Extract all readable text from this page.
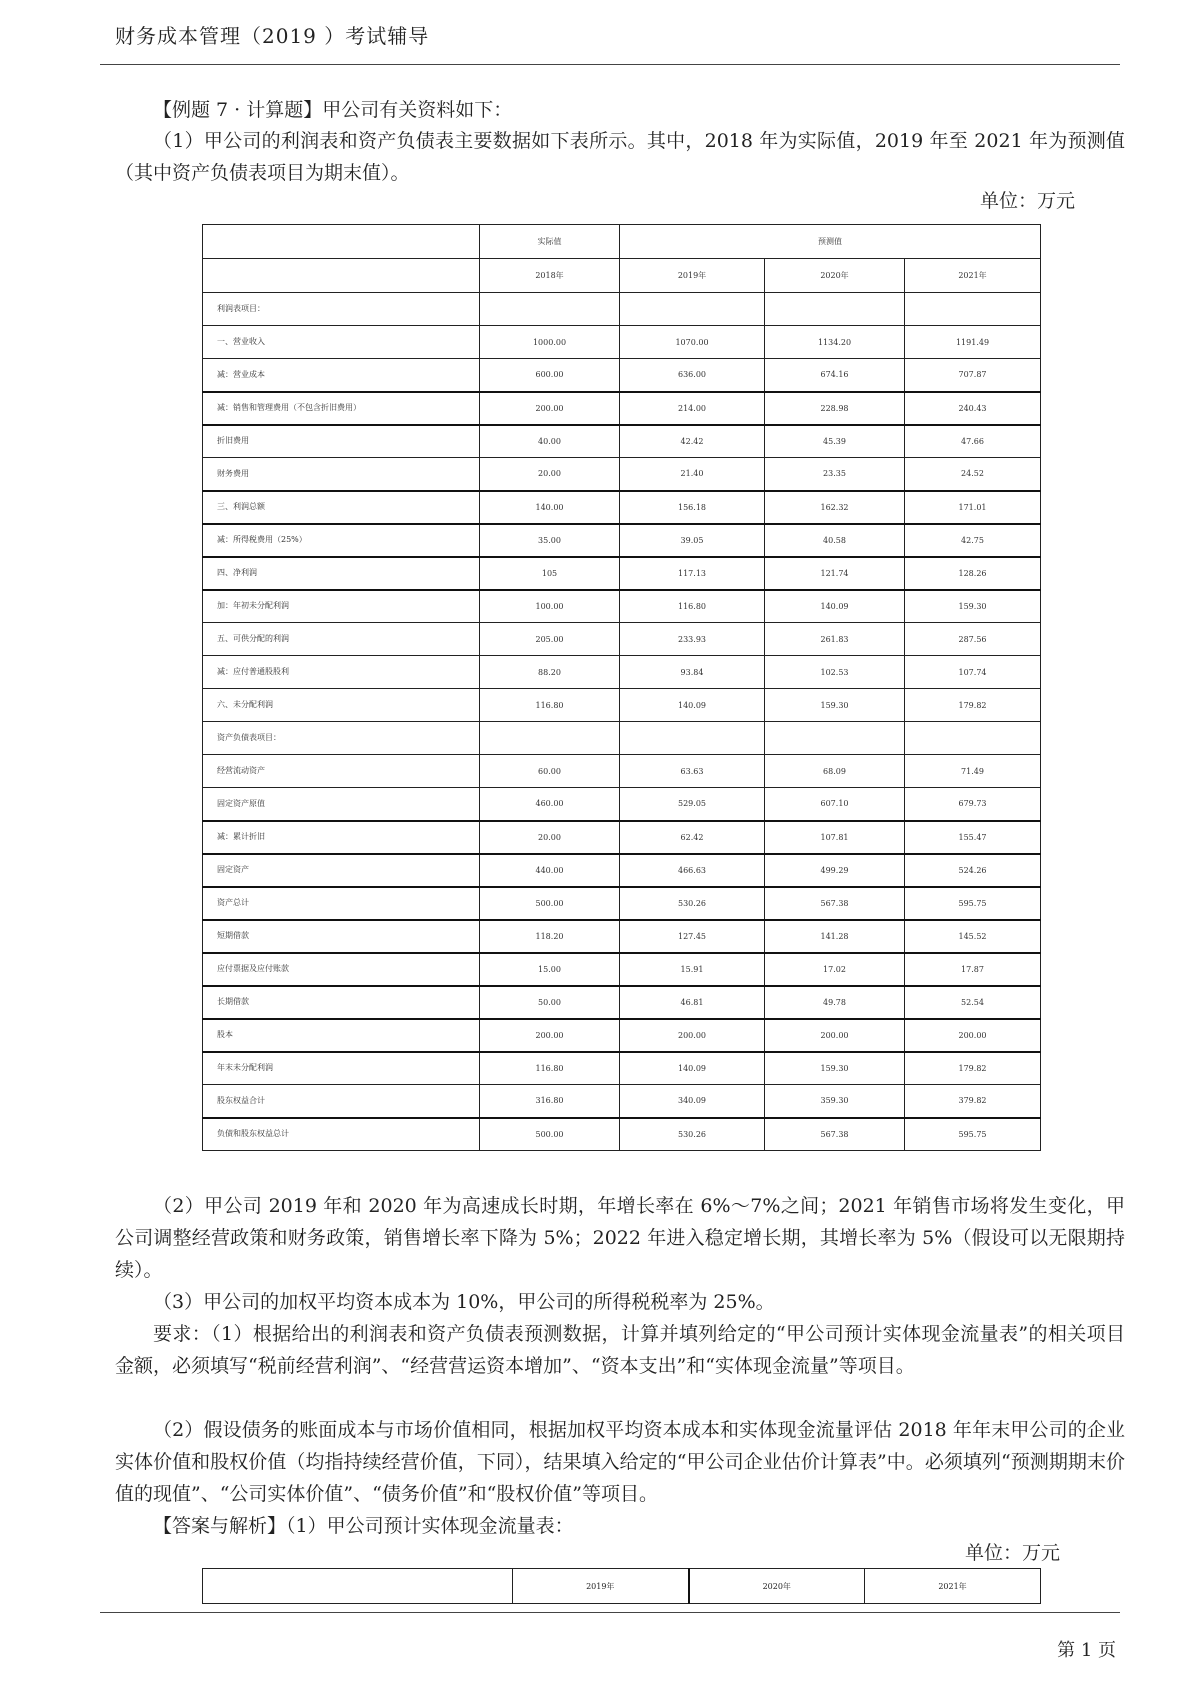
财务成本管理（2019 ）考试辅导
【例题 7 · 计算题】甲公司有关资料如下：
（1）甲公司的利润表和资产负债表主要数据如下表所示。其中，2018 年为实际值，2019 年至 2021 年为预测值（其中资产负债表项目为期末值）。
单位：万元
	实际值	预测值		
	2018年	2019年	2020年	2021年
利润表项目：				
一、营业收入	1000.00	1070.00	1134.20	1191.49
减：营业成本	600.00	636.00	674.16	707.87
减：销售和管理费用（不包含折旧费用）	200.00	214.00	228.98	240.43
折旧费用	40.00	42.42	45.39	47.66
财务费用	20.00	21.40	23.35	24.52
三、利润总额	140.00	156.18	162.32	171.01
减：所得税费用（25%）	35.00	39.05	40.58	42.75
四、净利润	105	117.13	121.74	128.26
加：年初未分配利润	100.00	116.80	140.09	159.30
五、可供分配的利润	205.00	233.93	261.83	287.56
减：应付普通股股利	88.20	93.84	102.53	107.74
六、未分配利润	116.80	140.09	159.30	179.82
资产负债表项目：				
经营流动资产	60.00	63.63	68.09	71.49
固定资产原值	460.00	529.05	607.10	679.73
减：累计折旧	20.00	62.42	107.81	155.47
固定资产	440.00	466.63	499.29	524.26
资产总计	500.00	530.26	567.38	595.75
短期借款	118.20	127.45	141.28	145.52
应付票据及应付账款	15.00	15.91	17.02	17.87
长期借款	50.00	46.81	49.78	52.54
股本	200.00	200.00	200.00	200.00
年末未分配利润	116.80	140.09	159.30	179.82
股东权益合计	316.80	340.09	359.30	379.82
负债和股东权益总计	500.00	530.26	567.38	595.75
（2）甲公司 2019 年和 2020 年为高速成长时期，年增长率在 6%～7%之间；2021 年销售市场将发生变化，甲公司调整经营政策和财务政策，销售增长率下降为 5%；2022 年进入稳定增长期，其增长率为 5%（假设可以无限期持续）。
（3）甲公司的加权平均资本成本为 10%，甲公司的所得税税率为 25%。
要求：（1）根据给出的利润表和资产负债表预测数据，计算并填列给定的“甲公司预计实体现金流量表”的相关项目金额，必须填写“税前经营利润”、“经营营运资本增加”、“资本支出”和“实体现金流量”等项目。
（2）假设债务的账面成本与市场价值相同，根据加权平均资本成本和实体现金流量评估 2018 年年末甲公司的企业实体价值和股权价值（均指持续经营价值，下同），结果填入给定的“甲公司企业估价计算表”中。必须填列“预测期期末价值的现值”、“公司实体价值”、“债务价值”和“股权价值”等项目。
【答案与解析】（1）甲公司预计实体现金流量表：
单位：万元
	2019年	2020年	2021年
第 1 页
